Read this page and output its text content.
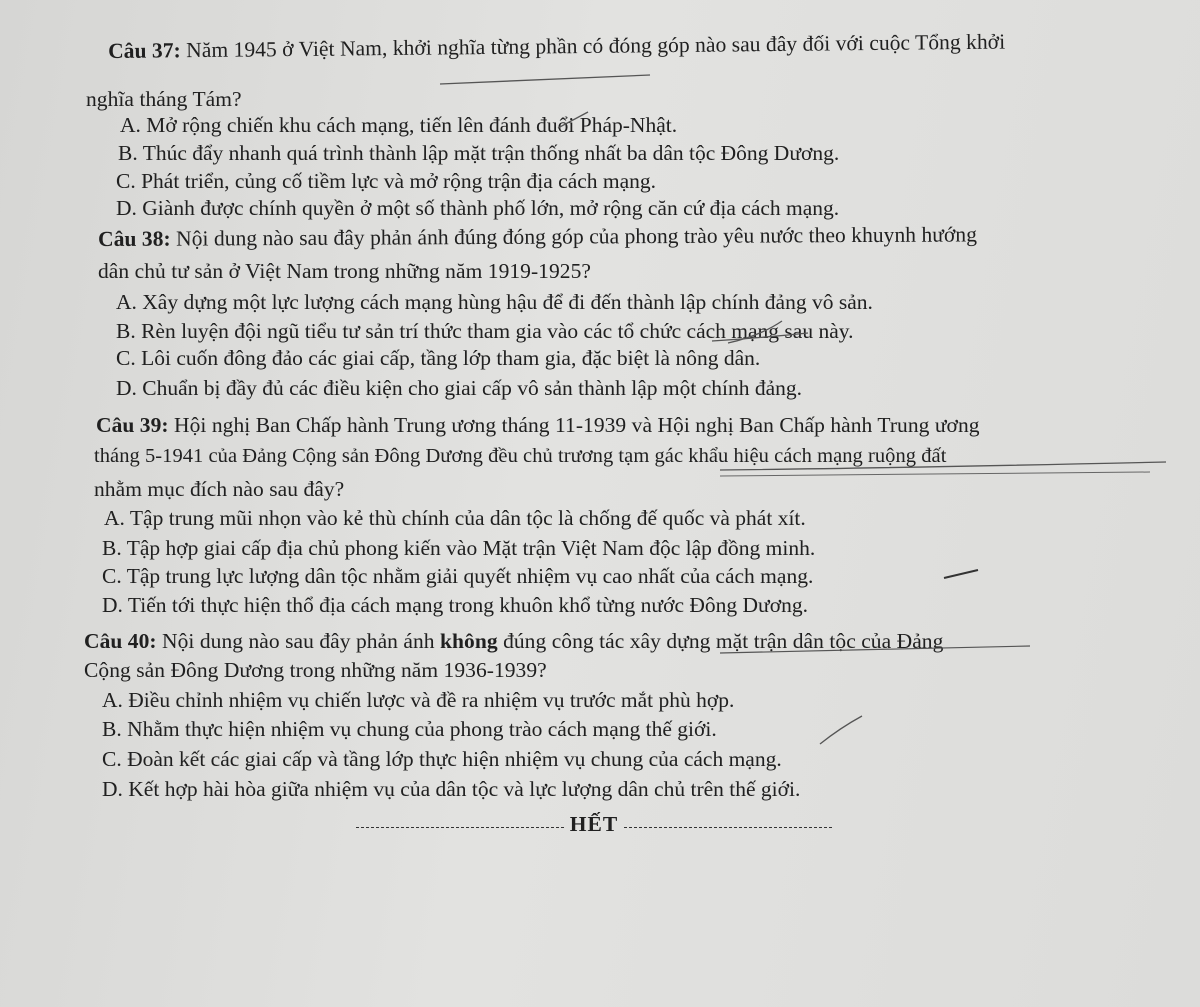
Câu 37: Năm 1945 ở Việt Nam, khởi nghĩa từng phần có đóng góp nào sau đây đối với cuộc Tổng khởi
nghĩa tháng Tám?
A. Mở rộng chiến khu cách mạng, tiến lên đánh đuổi Pháp-Nhật.
B. Thúc đẩy nhanh quá trình thành lập mặt trận thống nhất ba dân tộc Đông Dương.
C. Phát triển, củng cố tiềm lực và mở rộng trận địa cách mạng.
D. Giành được chính quyền ở một số thành phố lớn, mở rộng căn cứ địa cách mạng.
Câu 38: Nội dung nào sau đây phản ánh đúng đóng góp của phong trào yêu nước theo khuynh hướng
dân chủ tư sản ở Việt Nam trong những năm 1919-1925?
A. Xây dựng một lực lượng cách mạng hùng hậu để đi đến thành lập chính đảng vô sản.
B. Rèn luyện đội ngũ tiểu tư sản trí thức tham gia vào các tổ chức cách mạng sau này.
C. Lôi cuốn đông đảo các giai cấp, tầng lớp tham gia, đặc biệt là nông dân.
D. Chuẩn bị đầy đủ các điều kiện cho giai cấp vô sản thành lập một chính đảng.
Câu 39: Hội nghị Ban Chấp hành Trung ương tháng 11-1939 và Hội nghị Ban Chấp hành Trung ương
tháng 5-1941 của Đảng Cộng sản Đông Dương đều chủ trương tạm gác khẩu hiệu cách mạng ruộng đất
nhằm mục đích nào sau đây?
A. Tập trung mũi nhọn vào kẻ thù chính của dân tộc là chống đế quốc và phát xít.
B. Tập hợp giai cấp địa chủ phong kiến vào Mặt trận Việt Nam độc lập đồng minh.
C. Tập trung lực lượng dân tộc nhằm giải quyết nhiệm vụ cao nhất của cách mạng.
D. Tiến tới thực hiện thổ địa cách mạng trong khuôn khổ từng nước Đông Dương.
Câu 40: Nội dung nào sau đây phản ánh không đúng công tác xây dựng mặt trận dân tộc của Đảng
Cộng sản Đông Dương trong những năm 1936-1939?
A. Điều chỉnh nhiệm vụ chiến lược và đề ra nhiệm vụ trước mắt phù hợp.
B. Nhằm thực hiện nhiệm vụ chung của phong trào cách mạng thế giới.
C. Đoàn kết các giai cấp và tầng lớp thực hiện nhiệm vụ chung của cách mạng.
D. Kết hợp hài hòa giữa nhiệm vụ của dân tộc và lực lượng dân chủ trên thế giới.
HẾT
